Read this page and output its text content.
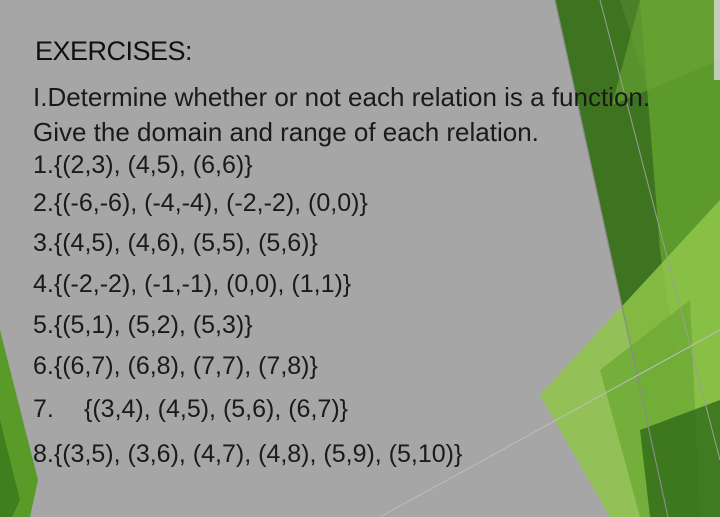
EXERCISES:
I.Determine whether or not each relation is a function.
Give the domain and range of each relation.
1.{(2,3), (4,5), (6,6)}
2.{(-6,-6), (-4,-4), (-2,-2), (0,0)}
3.{(4,5), (4,6), (5,5), (5,6)}
4.{(-2,-2), (-1,-1), (0,0), (1,1)}
5.{(5,1), (5,2), (5,3)}
6.{(6,7), (6,8), (7,7), (7,8)}
7. {(3,4), (4,5), (5,6), (6,7)}
8.{(3,5), (3,6), (4,7), (4,8), (5,9), (5,10)}
